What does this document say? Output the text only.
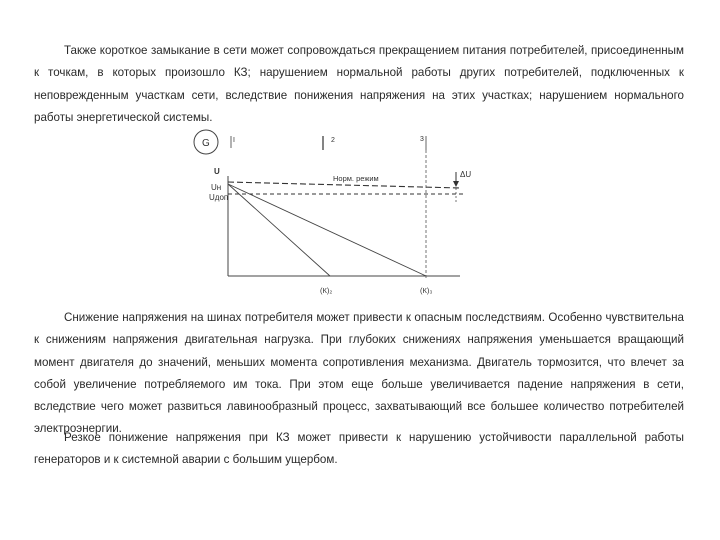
Также короткое замыкание в сети может сопровождаться прекращением питания потребителей, присоединенным к точкам, в которых произошло КЗ; нарушением нормальной работы других потребителей, подключенных к неповрежденным участкам сети, вследствие понижения напряжения на этих участках; нарушением нормального работы энергетической системы.

G	I	2	3
U
Uн
Uдоп
Норм. режим	ΔU
(К)₂	(К)₃

Снижение напряжения на шинах потребителя может привести к опасным последствиям. Особенно чувствительна к снижениям напряжения двигательная нагрузка. При глубоких снижениях напряжения уменьшается вращающий момент двигателя до значений, меньших момента сопротивления механизма. Двигатель тормозится, что влечет за собой увеличение потребляемого им тока. При этом еще больше увеличивается падение напряжения в сети, вследствие чего может развиться лавинообразный процесс, захватывающий все большее количество потребителей электроэнергии.

Резкое понижение напряжения при КЗ может привести к нарушению устойчивости параллельной работы генераторов и к системной аварии с большим ущербом.
